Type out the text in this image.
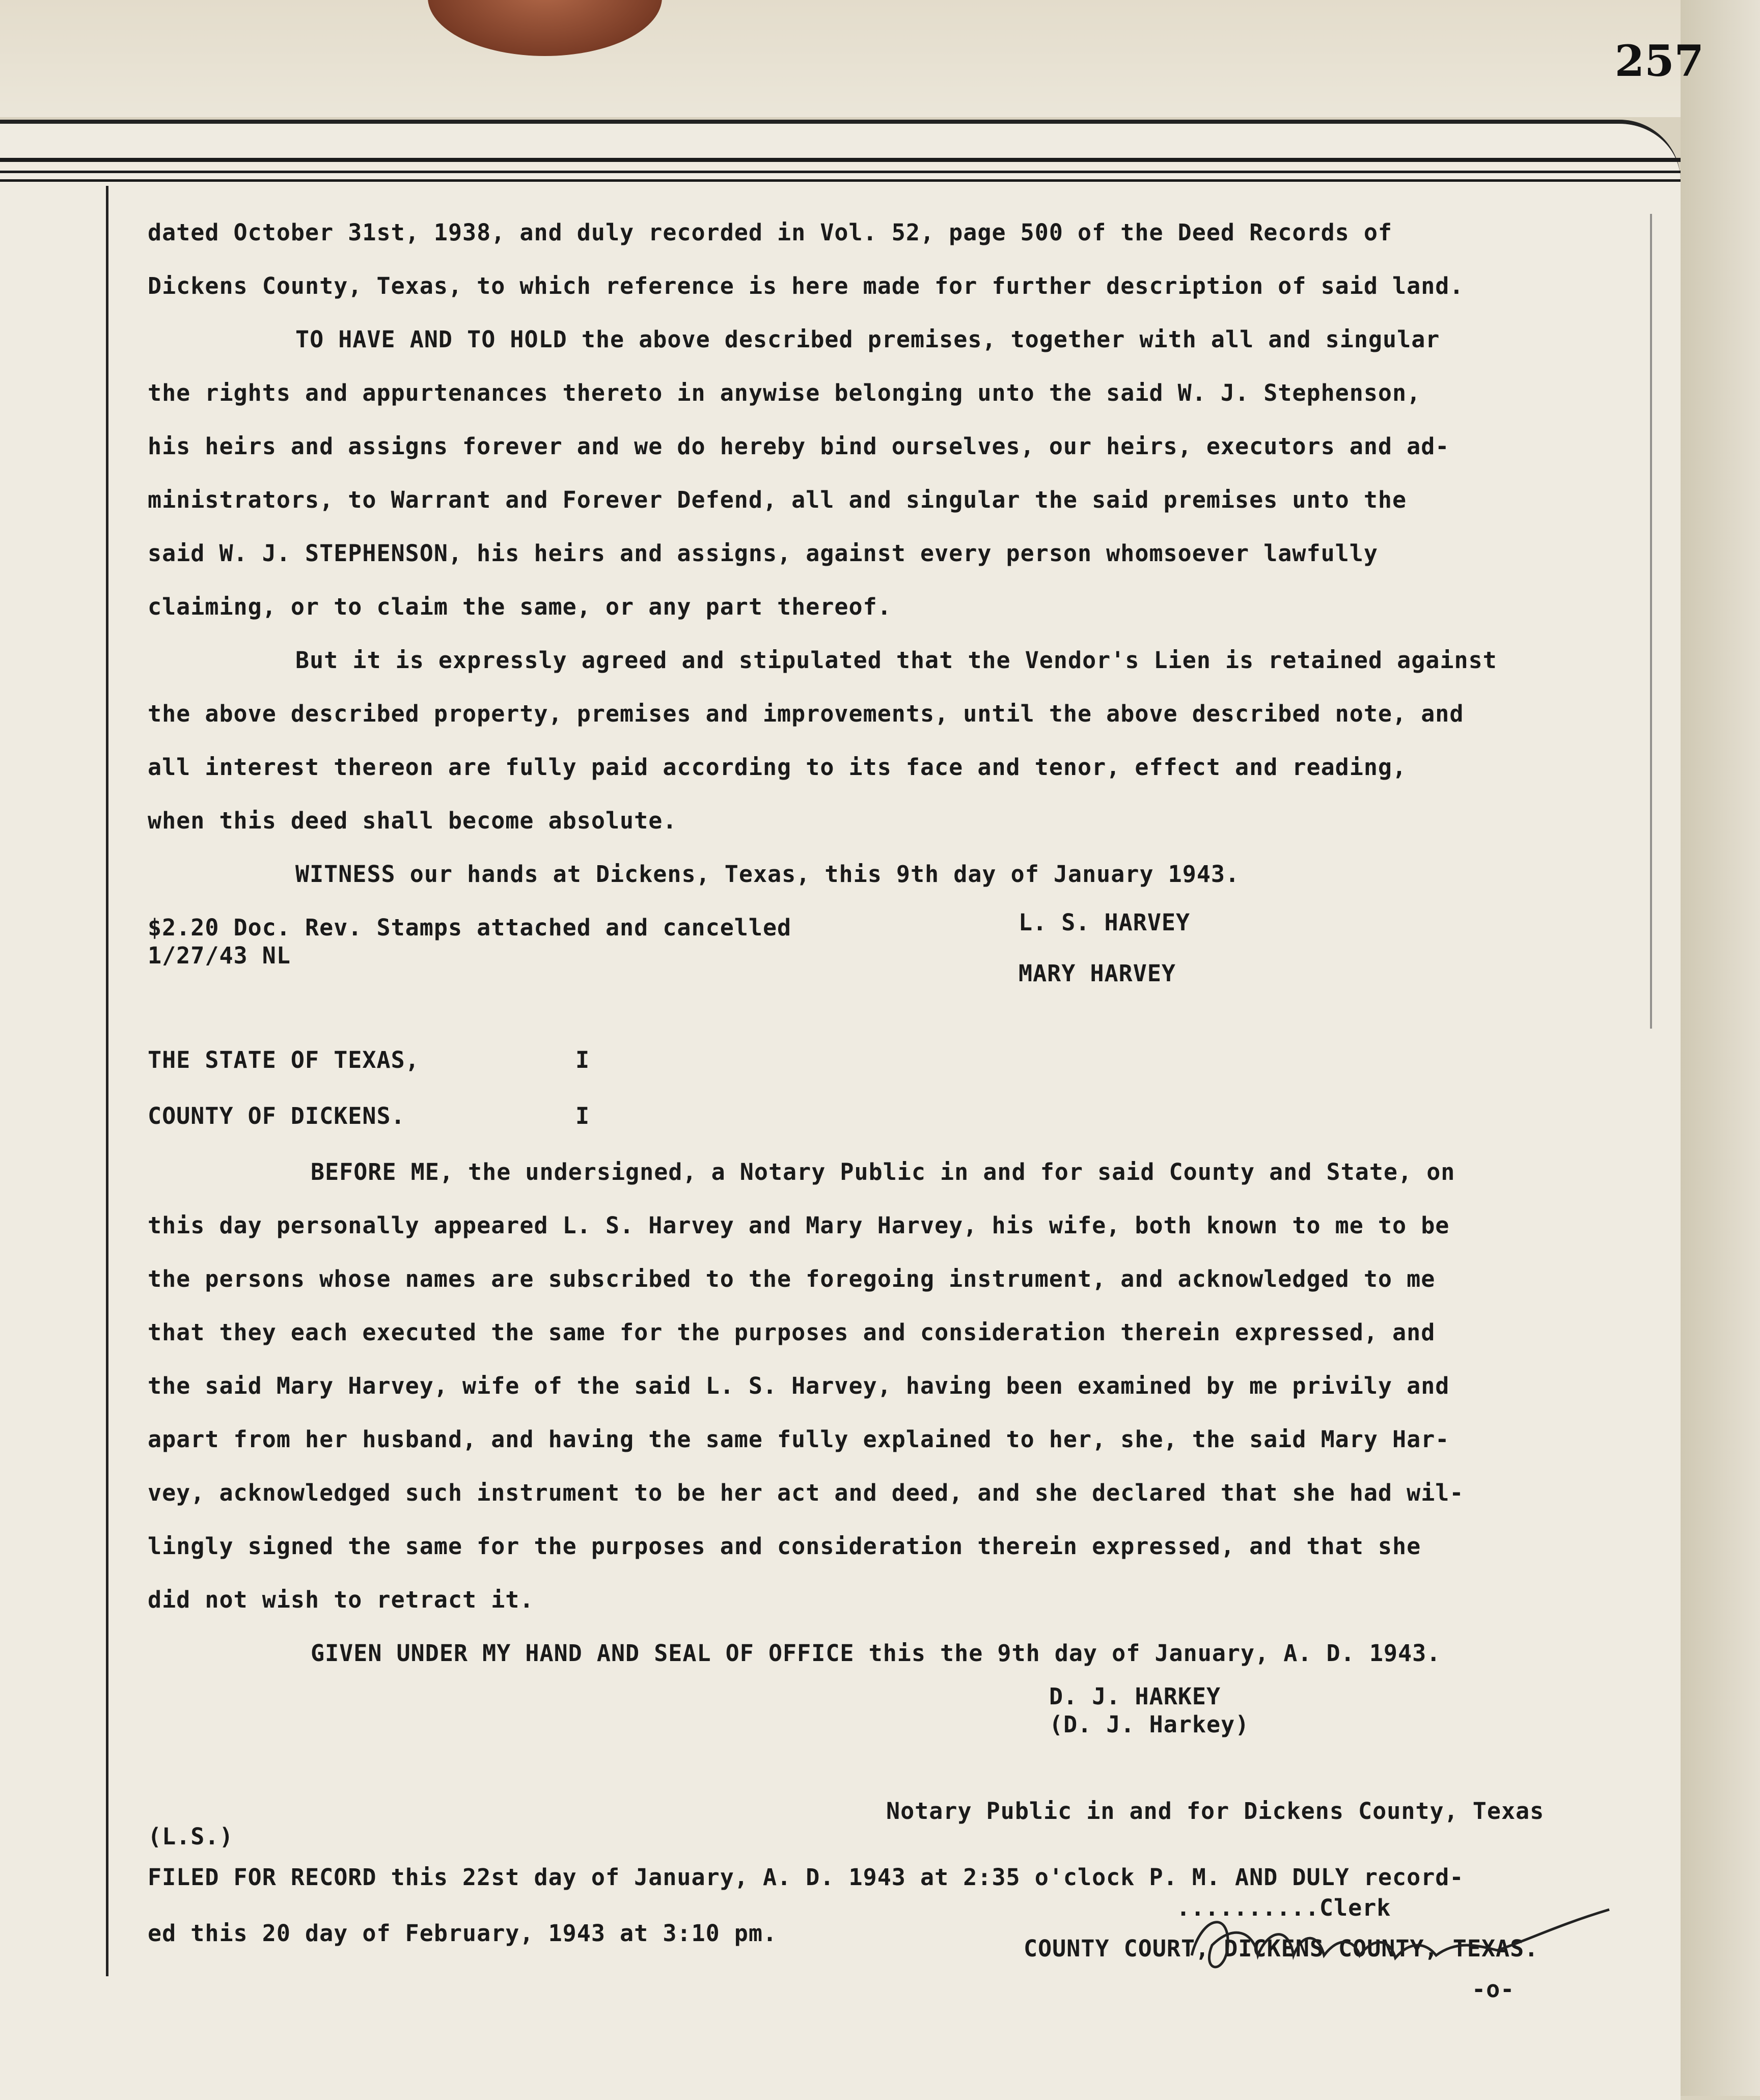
257
dated October 31st, 1938, and duly recorded in Vol. 52, page 500 of the Deed Records of
Dickens County, Texas, to which reference is here made for further description of said land.
TO HAVE AND TO HOLD the above described premises, together with all and singular
the rights and appurtenances thereto in anywise belonging unto the said W. J. Stephenson,
his heirs and assigns forever and we do hereby bind ourselves, our heirs, executors and ad-
ministrators, to Warrant and Forever Defend, all and singular the said premises unto the
said W. J. STEPHENSON, his heirs and assigns, against every person whomsoever lawfully
claiming, or to claim the same, or any part thereof.
But it is expressly agreed and stipulated that the Vendor's Lien is retained against
the above described property, premises and improvements, until the above described note, and
all interest thereon are fully paid according to its face and tenor, effect and reading,
when this deed shall become absolute.
WITNESS our hands at Dickens, Texas, this 9th day of January 1943.
$2.20 Doc. Rev. Stamps attached and cancelled
1/27/43 NL
L. S. HARVEY
MARY HARVEY
THE STATE OF TEXAS,	I
COUNTY OF DICKENS.	I
BEFORE ME, the undersigned, a Notary Public in and for said County and State, on
this day personally appeared L. S. Harvey and Mary Harvey, his wife, both known to me to be
the persons whose names are subscribed to the foregoing instrument, and acknowledged to me
that they each executed the same for the purposes and consideration therein expressed, and
the said Mary Harvey, wife of the said L. S. Harvey, having been examined by me privily and
apart from her husband, and having the same fully explained to her, she, the said Mary Har-
vey, acknowledged such instrument to be her act and deed, and she declared that she had wil-
lingly signed the same for the purposes and consideration therein expressed, and that she
did not wish to retract it.
GIVEN UNDER MY HAND AND SEAL OF OFFICE this the 9th day of January, A. D. 1943.
D. J. HARKEY
(D. J. Harkey)
(L.S.)
Notary Public in and for Dickens County, Texas
FILED FOR RECORD this 22st day of January, A. D. 1943 at 2:35 o'clock P. M. AND DULY record-
ed this 20 day of February, 1943 at 3:10 pm.
..........Clerk
COUNTY COURT, DICKENS COUNTY, TEXAS.
-o-
